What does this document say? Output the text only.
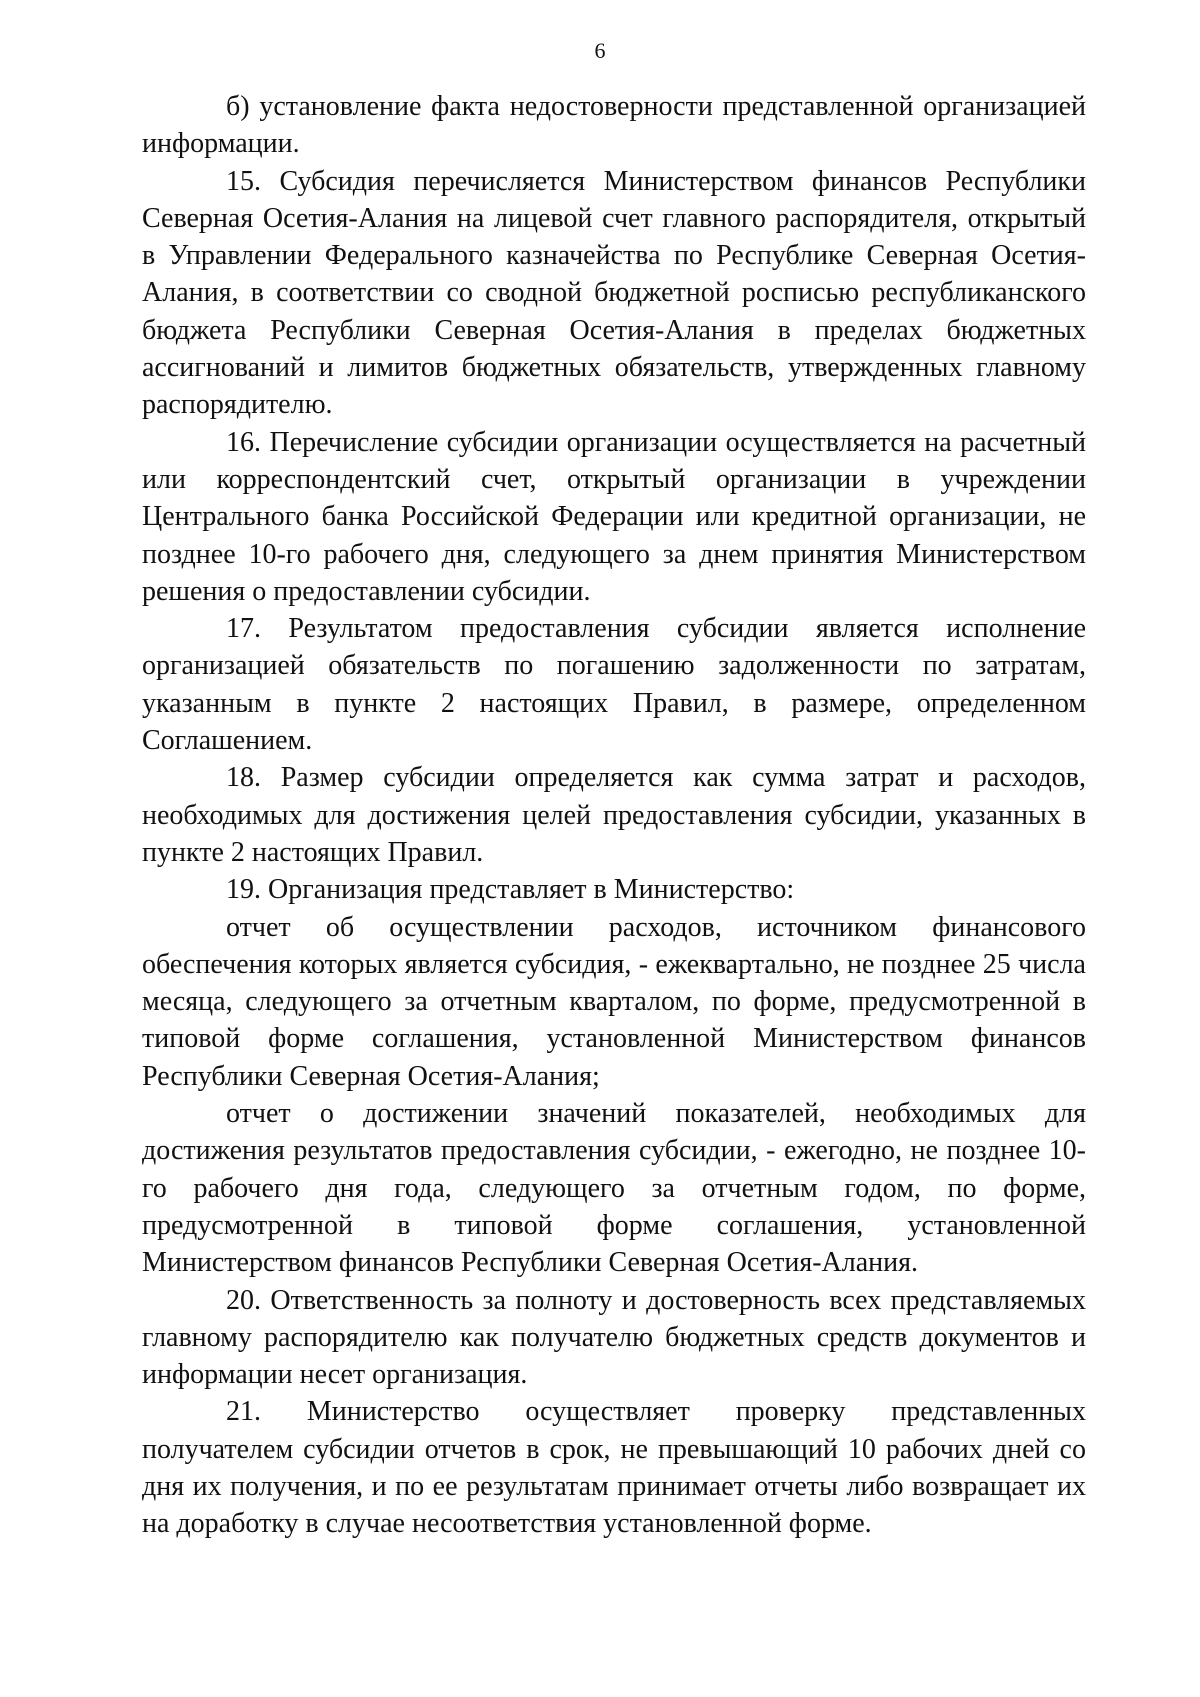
6

б) установление факта недостоверности представленной организацией информации.

15. Субсидия перечисляется Министерством финансов Республики Северная Осетия-Алания на лицевой счет главного распорядителя, открытый в Управлении Федерального казначейства по Республике Северная Осетия-Алания, в соответствии со сводной бюджетной росписью республиканского бюджета Республики Северная Осетия-Алания в пределах бюджетных ассигнований и лимитов бюджетных обязательств, утвержденных главному распорядителю.

16. Перечисление субсидии организации осуществляется на расчетный или корреспондентский счет, открытый организации в учреждении Центрального банка Российской Федерации или кредитной организации, не позднее 10-го рабочего дня, следующего за днем принятия Министерством решения о предоставлении субсидии.

17. Результатом предоставления субсидии является исполнение организацией обязательств по погашению задолженности по затратам, указанным в пункте 2 настоящих Правил, в размере, определенном Соглашением.

18. Размер субсидии определяется как сумма затрат и расходов, необходимых для достижения целей предоставления субсидии, указанных в пункте 2 настоящих Правил.

19. Организация представляет в Министерство:

отчет об осуществлении расходов, источником финансового обеспечения которых является субсидия, - ежеквартально, не позднее 25 числа месяца, следующего за отчетным кварталом, по форме, предусмотренной в типовой форме соглашения, установленной Министерством финансов Республики Северная Осетия-Алания;

отчет о достижении значений показателей, необходимых для достижения результатов предоставления субсидии, - ежегодно, не позднее 10-го рабочего дня года, следующего за отчетным годом, по форме, предусмотренной в типовой форме соглашения, установленной Министерством финансов Республики Северная Осетия-Алания.

20. Ответственность за полноту и достоверность всех представляемых главному распорядителю как получателю бюджетных средств документов и информации несет организация.

21. Министерство осуществляет проверку представленных получателем субсидии отчетов в срок, не превышающий 10 рабочих дней со дня их получения, и по ее результатам принимает отчеты либо возвращает их на доработку в случае несоответствия установленной форме.
